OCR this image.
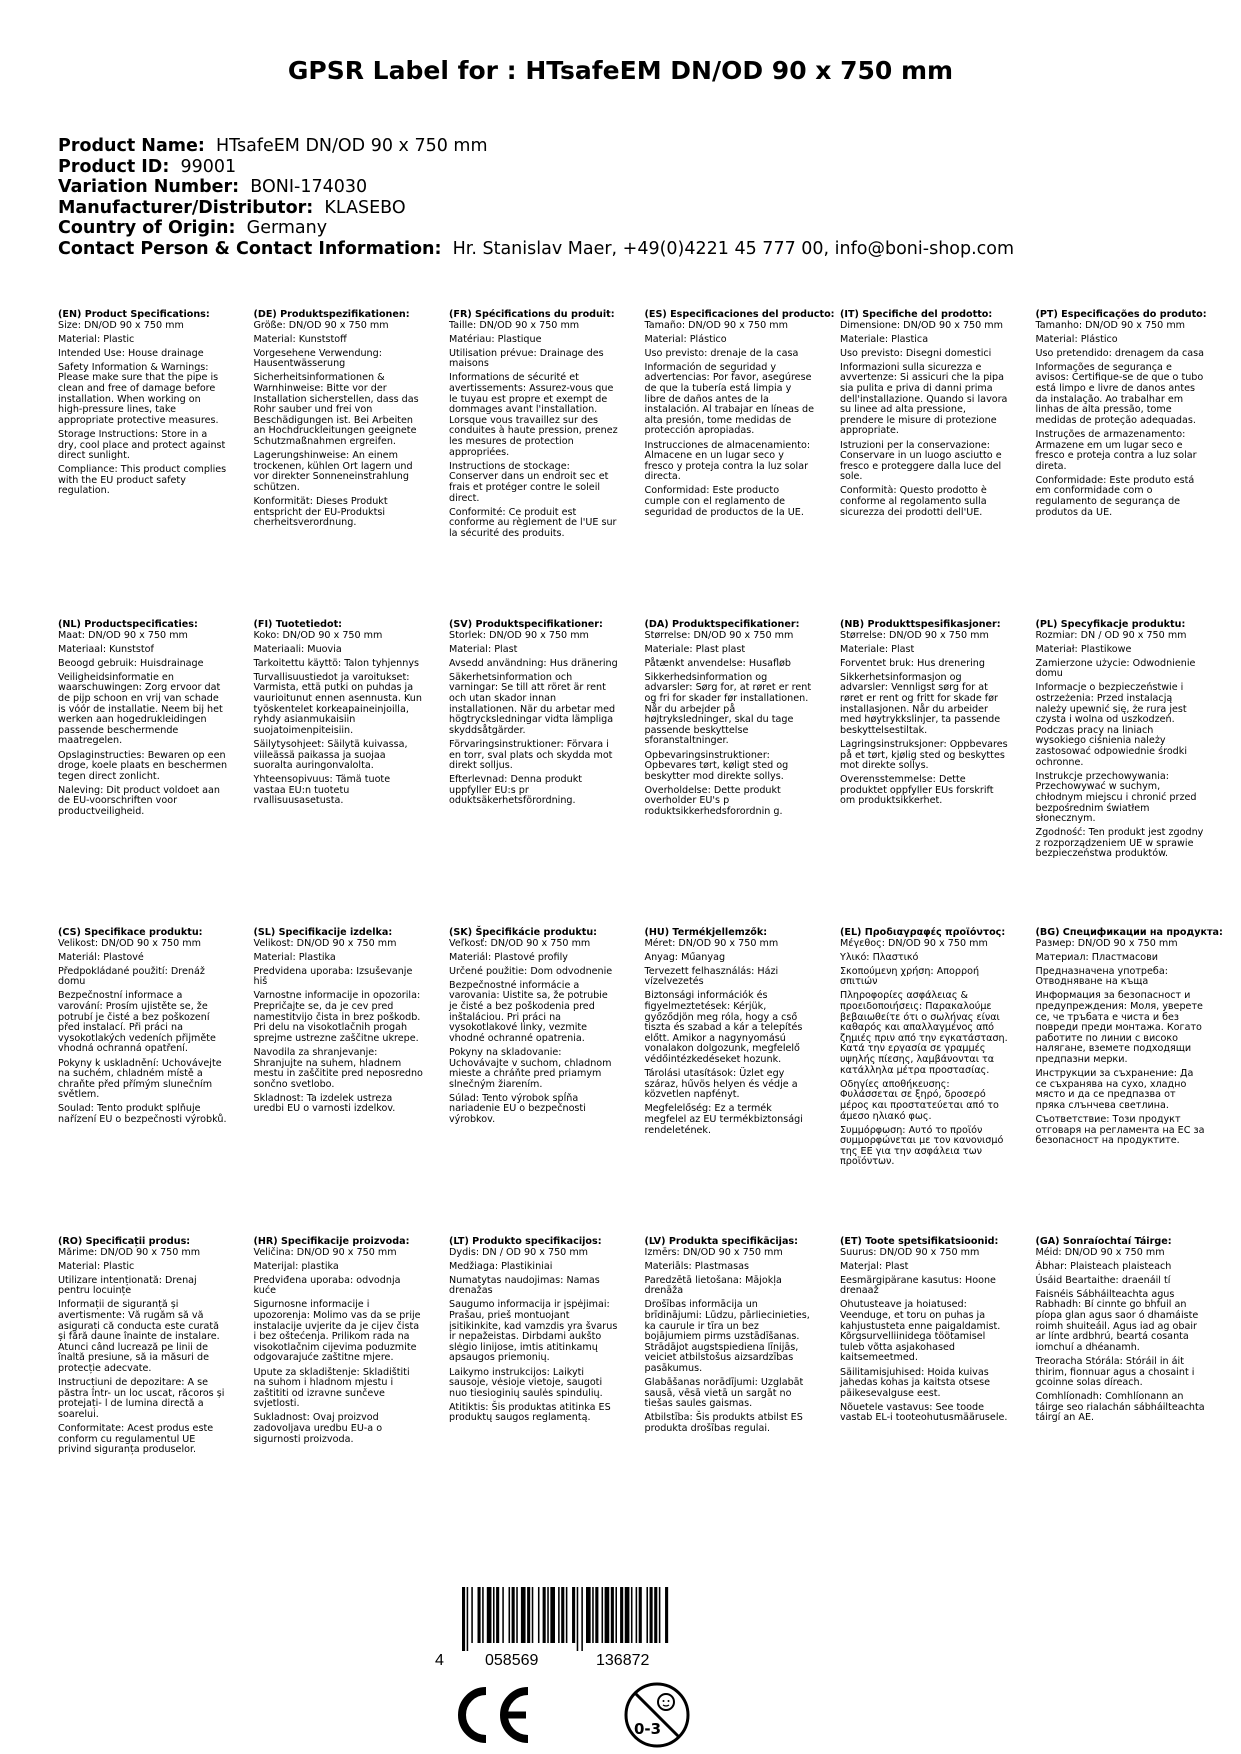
GPSR Label for : HTsafeEM DN/OD 90 x 750 mm
Product Name: HTsafeEM DN/OD 90 x 750 mm
Product ID: 99001
Variation Number: BONI-174030
Manufacturer/Distributor: KLASEBO
Country of Origin: Germany
Contact Person & Contact Information: Hr. Stanislav Maer, +49(0)4221 45 777 00, info@boni-shop.com
(EN) Product Specifications:
Size: DN/OD 90 x 750 mm
Material: Plastic
Intended Use: House drainage
Safety Information & Warnings: Please make sure that the pipe is clean and free of damage before installation. When working on high-pressure lines, take appropriate protective measures.
Storage Instructions: Store in a dry, cool place and protect against direct sunlight.
Compliance: This product complies with the EU product safety regulation.
(DE) Produktspezifikationen:
Größe: DN/OD 90 x 750 mm
Material: Kunststoff
Vorgesehene Verwendung: Hausentwässerung
Sicherheitsinformationen & Warnhinweise: Bitte vor der Installation sicherstellen, dass das Rohr sauber und frei von Beschädigungen ist. Bei Arbeiten an Hochdruckleitungen geeignete Schutzmaßnahmen ergreifen.
Lagerungshinweise: An einem trockenen, kühlen Ort lagern und vor direkter Sonneneinstrahlung schützen.
Konformität: Dieses Produkt entspricht der EU-Produktsi cherheitsverordnung.
(FR) Spécifications du produit:
Taille: DN/OD 90 x 750 mm
Matériau: Plastique
Utilisation prévue: Drainage des maisons
Informations de sécurité et avertissements: Assurez-vous que le tuyau est propre et exempt de dommages avant l'installation. Lorsque vous travaillez sur des conduites à haute pression, prenez les mesures de protection appropriées.
Instructions de stockage: Conserver dans un endroit sec et frais et protéger contre le soleil direct.
Conformité: Ce produit est conforme au règlement de l'UE sur la sécurité des produits.
(ES) Especificaciones del producto:
Tamaño: DN/OD 90 x 750 mm
Material: Plástico
Uso previsto: drenaje de la casa
Información de seguridad y advertencias: Por favor, asegúrese de que la tubería está limpia y libre de daños antes de la instalación. Al trabajar en líneas de alta presión, tome medidas de protección apropiadas.
Instrucciones de almacenamiento: Almacene en un lugar seco y fresco y proteja contra la luz solar directa.
Conformidad: Este producto cumple con el reglamento de seguridad de productos de la UE.
(IT) Specifiche del prodotto:
Dimensione: DN/OD 90 x 750 mm
Materiale: Plastica
Uso previsto: Disegni domestici
Informazioni sulla sicurezza e avvertenze: Si assicuri che la pipa sia pulita e priva di danni prima dell'installazione. Quando si lavora su linee ad alta pressione, prendere le misure di protezione appropriate.
Istruzioni per la conservazione: Conservare in un luogo asciutto e fresco e proteggere dalla luce del sole.
Conformità: Questo prodotto è conforme al regolamento sulla sicurezza dei prodotti dell'UE.
(PT) Especificações do produto:
Tamanho: DN/OD 90 x 750 mm
Material: Plástico
Uso pretendido: drenagem da casa
Informações de segurança e avisos: Certifique-se de que o tubo está limpo e livre de danos antes da instalação. Ao trabalhar em linhas de alta pressão, tome medidas de proteção adequadas.
Instruções de armazenamento: Armazene em um lugar seco e fresco e proteja contra a luz solar direta.
Conformidade: Este produto está em conformidade com o regulamento de segurança de produtos da UE.
(NL) Productspecificaties:
Maat: DN/OD 90 x 750 mm
Materiaal: Kunststof
Beoogd gebruik: Huisdrainage
Veiligheidsinformatie en waarschuwingen: Zorg ervoor dat de pijp schoon en vrij van schade is vóór de installatie. Neem bij het werken aan hogedrukleidingen passende beschermende maatregelen.
Opslaginstructies: Bewaren op een droge, koele plaats en beschermen tegen direct zonlicht.
Naleving: Dit product voldoet aan de EU-voorschriften voor productveiligheid.
(FI) Tuotetiedot:
Koko: DN/OD 90 x 750 mm
Materiaali: Muovia
Tarkoitettu käyttö: Talon tyhjennys
Turvallisuustiedot ja varoitukset: Varmista, että putki on puhdas ja vaurioitunut ennen asennusta. Kun työskentelet korkeapaineinjoilla, ryhdy asianmukaisiin suojatoimenpiteisiin.
Säilytysohjeet: Säilytä kuivassa, viileässä paikassa ja suojaa suoralta auringonvalolta.
Yhteensopivuus: Tämä tuote vastaa EU:n tuotetu rvallisuusasetusta.
(SV) Produktspecifikationer:
Storlek: DN/OD 90 x 750 mm
Material: Plast
Avsedd användning: Hus dränering
Säkerhetsinformation och varningar: Se till att röret är rent och utan skador innan installationen. När du arbetar med högtrycksledningar vidta lämpliga skyddsåtgärder.
Förvaringsinstruktioner: Förvara i en torr, sval plats och skydda mot direkt solljus.
Efterlevnad: Denna produkt uppfyller EU:s pr oduktsäkerhetsförordning.
(DA) Produktspecifikationer:
Størrelse: DN/OD 90 x 750 mm
Materiale: Plast plast
Påtænkt anvendelse: Husafløb
Sikkerhedsinformation og advarsler: Sørg for, at røret er rent og fri for skader før installationen. Når du arbejder på højtryksledninger, skal du tage passende beskyttelse sforanstaltninger.
Opbevaringsinstruktioner: Opbevares tørt, køligt sted og beskytter mod direkte sollys.
Overholdelse: Dette produkt overholder EU's p roduktsikkerhedsforordnin g.
(NB) Produkttspesifikasjoner:
Størrelse: DN/OD 90 x 750 mm
Materiale: Plast
Forventet bruk: Hus drenering
Sikkerhetsinformasjon og advarsler: Vennligst sørg for at røret er rent og fritt for skade før installasjonen. Når du arbeider med høytrykkslinjer, ta passende beskyttelsestiltak.
Lagringsinstruksjoner: Oppbevares på et tørt, kjølig sted og beskyttes mot direkte sollys.
Overensstemmelse: Dette produktet oppfyller EUs forskrift om produktsikkerhet.
(PL) Specyfikacje produktu:
Rozmiar: DN / OD 90 x 750 mm
Materiał: Plastikowe
Zamierzone użycie: Odwodnienie domu
Informacje o bezpieczeństwie i ostrzeżenia: Przed instalacją należy upewnić się, że rura jest czysta i wolna od uszkodzeń. Podczas pracy na liniach wysokiego ciśnienia należy zastosować odpowiednie środki ochronne.
Instrukcje przechowywania: Przechowywać w suchym, chłodnym miejscu i chronić przed bezpośrednim światłem słonecznym.
Zgodność: Ten produkt jest zgodny z rozporządzeniem UE w sprawie bezpieczeństwa produktów.
(CS) Specifikace produktu:
Velikost: DN/OD 90 x 750 mm
Materiál: Plastové
Předpokládané použití: Drenáž domu
Bezpečnostní informace a varování: Prosím ujistěte se, že potrubí je čisté a bez poškození před instalací. Při práci na vysokotlakých vedeních přijměte vhodná ochranná opatření.
Pokyny k uskladnění: Uchovávejte na suchém, chladném místě a chraňte před přímým slunečním světlem.
Soulad: Tento produkt splňuje nařízení EU o bezpečnosti výrobků.
(SL) Specifikacije izdelka:
Velikost: DN/OD 90 x 750 mm
Material: Plastika
Predvidena uporaba: Izsuševanje hiš
Varnostne informacije in opozorila: Prepričajte se, da je cev pred namestitvijo čista in brez poškodb. Pri delu na visokotlačnih progah sprejme ustrezne zaščitne ukrepe.
Navodila za shranjevanje: Shranjujte na suhem, hladnem mestu in zaščitite pred neposredno sončno svetlobo.
Skladnost: Ta izdelek ustreza uredbi EU o varnosti izdelkov.
(SK) Špecifikácie produktu:
Veľkosť: DN/OD 90 x 750 mm
Materiál: Plastové profily
Určené použitie: Dom odvodnenie
Bezpečnostné informácie a varovania: Uistite sa, že potrubie je čisté a bez poškodenia pred inštaláciou. Pri práci na vysokotlakové linky, vezmite vhodné ochranné opatrenia.
Pokyny na skladovanie: Uchovávajte v suchom, chladnom mieste a chráňte pred priamym slnečným žiarením.
Súlad: Tento výrobok spĺňa nariadenie EU o bezpečnosti výrobkov.
(HU) Termékjellemzők:
Méret: DN/OD 90 x 750 mm
Anyag: Műanyag
Tervezett felhasználás: Házi vízelvezetés
Biztonsági információk és figyelmeztetések: Kérjük, győződjön meg róla, hogy a cső tiszta és szabad a kár a telepítés előtt. Amikor a nagynyomású vonalakon dolgozunk, megfelelő védőintézkedéseket hozunk.
Tárolási utasítások: Üzlet egy száraz, hűvös helyen és védje a közvetlen napfényt.
Megfelelőség: Ez a termék megfelel az EU termékbiztonsági rendeletének.
(EL) Προδιαγραφές προϊόντος:
Μέγεθος: DN/OD 90 x 750 mm
Υλικό: Πλαστικό
Σκοπούμενη χρήση: Απορροή σπιτιών
Πληροφορίες ασφάλειας & προειδοποιήσεις: Παρακαλούμε βεβαιωθείτε ότι ο σωλήνας είναι καθαρός και απαλλαγμένος από ζημιές πριν από την εγκατάσταση. Κατά την εργασία σε γραμμές υψηλής πίεσης, λαμβάνονται τα κατάλληλα μέτρα προστασίας.
Οδηγίες αποθήκευσης: Φυλάσσεται σε ξηρό, δροσερό μέρος και προστατεύεται από το άμεσο ηλιακό φως.
Συμμόρφωση: Αυτό το προϊόν συμμορφώνεται με τον κανονισμό της ΕΕ για την ασφάλεια των προϊόντων.
(BG) Спецификации на продукта:
Размер: DN/OD 90 x 750 mm
Материал: Пластмасови
Предназначена употреба: Отводняване на къща
Информация за безопасност и предупреждения: Моля, уверете се, че тръбата е чиста и без повреди преди монтажа. Когато работите по линии с високо налягане, вземете подходящи предпазни мерки.
Инструкции за съхранение: Да се съхранява на сухо, хладно място и да се предпазва от пряка слънчева светлина.
Съответствие: Този продукт отговаря на регламента на ЕС за безопасност на продуктите.
(RO) Specificații produs:
Mărime: DN/OD 90 x 750 mm
Material: Plastic
Utilizare intenționată: Drenaj pentru locuințe
Informații de siguranță și avertismente: Vă rugăm să vă asigurați că conducta este curată și fără daune înainte de instalare. Atunci când lucrează pe linii de înaltă presiune, să ia măsuri de protecție adecvate.
Instrucțiuni de depozitare: A se păstra într- un loc uscat, răcoros și protejați- l de lumina directă a soarelui.
Conformitate: Acest produs este conform cu regulamentul UE privind siguranța produselor.
(HR) Specifikacije proizvoda:
Veličina: DN/OD 90 x 750 mm
Materijal: plastika
Predviđena uporaba: odvodnja kuće
Sigurnosne informacije i upozorenja: Molimo vas da se prije instalacije uvjerite da je cijev čista i bez oštećenja. Prilikom rada na visokotlačnim cijevima poduzmite odgovarajuće zaštitne mjere.
Upute za skladištenje: Skladištiti na suhom i hladnom mjestu i zaštititi od izravne sunčeve svjetlosti.
Sukladnost: Ovaj proizvod zadovoljava uredbu EU-a o sigurnosti proizvoda.
(LT) Produkto specifikacijos:
Dydis: DN / OD 90 x 750 mm
Medžiaga: Plastikiniai
Numatytas naudojimas: Namas drenažas
Saugumo informacija ir įspėjimai: Prašau, prieš montuojant įsitikinkite, kad vamzdis yra švarus ir nepažeistas. Dirbdami aukšto slėgio linijose, imtis atitinkamų apsaugos priemonių.
Laikymo instrukcijos: Laikyti sausoje, vėsioje vietoje, saugoti nuo tiesioginių saulės spindulių.
Atitiktis: Šis produktas atitinka ES produktų saugos reglamentą.
(LV) Produkta specifikācijas:
Izmērs: DN/OD 90 x 750 mm
Materiāls: Plastmasas
Paredzētā lietošana: Mājokļa drenāža
Drošības informācija un brīdinājumi: Lūdzu, pārliecinieties, ka caurule ir tīra un bez bojājumiem pirms uzstādīšanas. Strādājot augstspiediena līnijās, veiciet atbilstošus aizsardzības pasākumus.
Glabāšanas norādījumi: Uzglabāt sausā, vēsā vietā un sargāt no tiešas saules gaismas.
Atbilstība: Šis produkts atbilst ES produkta drošības regulai.
(ET) Toote spetsifikatsioonid:
Suurus: DN/OD 90 x 750 mm
Materjal: Plast
Eesmärgipärane kasutus: Hoone drenaaž
Ohutusteave ja hoiatused: Veenduge, et toru on puhas ja kahjustusteta enne paigaldamist. Kõrgsurvelliinidega töötamisel tuleb võtta asjakohased kaitsemeetmed.
Säilitamisjuhised: Hoida kuivas jahedas kohas ja kaitsta otsese päikesevalguse eest.
Nõuetele vastavus: See toode vastab EL-i tooteohutusmäärusele.
(GA) Sonraíochtaí Táirge:
Méid: DN/OD 90 x 750 mm
Ábhar: Plaisteach plaisteach
Úsáid Beartaithe: draenáil tí
Faisnéis Sábháilteachta agus Rabhadh: Bí cinnte go bhfuil an píopa glan agus saor ó dhamáiste roimh shuiteáil. Agus iad ag obair ar línte ardbhrú, beartá cosanta iomchuí a dhéanamh.
Treoracha Stórála: Stóráil in áit thirim, fionnuar agus a chosaint i gcoinne solas díreach.
Comhlíonadh: Comhlíonann an táirge seo rialachán sábháilteachta táirgí an AE.
4	058569	136872
0-3
